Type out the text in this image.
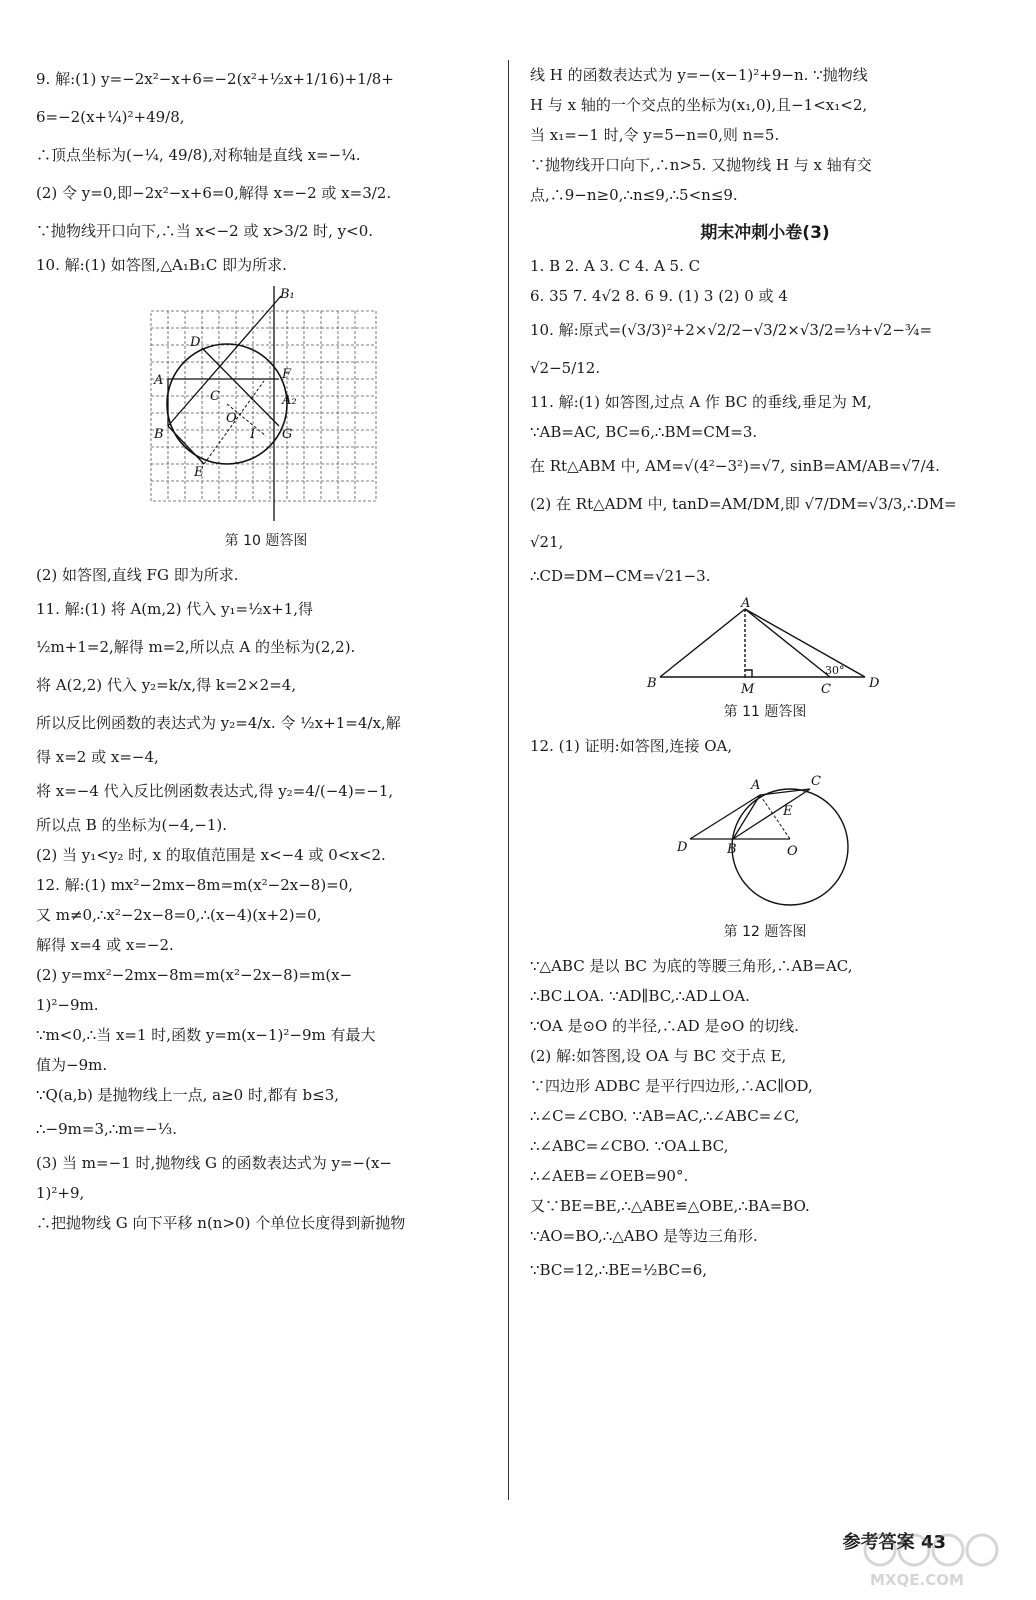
9. 解:(1) y=−2x²−x+6=−2(x²+½x+1/16)+1/8+

6=−2(x+¼)²+49/8,

∴顶点坐标为(−¼, 49/8),对称轴是直线 x=−¼.

(2) 令 y=0,即−2x²−x+6=0,解得 x=−2 或 x=3/2.

∵抛物线开口向下,∴当 x<−2 或 x>3/2 时, y<0.

10. 解:(1) 如答图,△A₁B₁C 即为所求.

B₁
D
F
A
C	A₂
O
B	I G
E

第 10 题答图

(2) 如答图,直线 FG 即为所求.

11. 解:(1) 将 A(m,2) 代入 y₁=½x+1,得

½m+1=2,解得 m=2,所以点 A 的坐标为(2,2).

将 A(2,2) 代入 y₂=k/x,得 k=2×2=4,

所以反比例函数的表达式为 y₂=4/x. 令 ½x+1=4/x,解

得 x=2 或 x=−4,

将 x=−4 代入反比例函数表达式,得 y₂=4/(−4)=−1,

所以点 B 的坐标为(−4,−1).

(2) 当 y₁<y₂ 时, x 的取值范围是 x<−4 或 0<x<2.

12. 解:(1) mx²−2mx−8m=m(x²−2x−8)=0,

又 m≠0,∴x²−2x−8=0,∴(x−4)(x+2)=0,

解得 x=4 或 x=−2.

(2) y=mx²−2mx−8m=m(x²−2x−8)=m(x−

1)²−9m.

∵m<0,∴当 x=1 时,函数 y=m(x−1)²−9m 有最大

值为−9m.

∵Q(a,b) 是抛物线上一点, a≥0 时,都有 b≤3,

∴−9m=3,∴m=−⅓.

(3) 当 m=−1 时,抛物线 G 的函数表达式为 y=−(x−

1)²+9,

∴把抛物线 G 向下平移 n(n>0) 个单位长度得到新抛物

线 H 的函数表达式为 y=−(x−1)²+9−n. ∵抛物线

H 与 x 轴的一个交点的坐标为(x₁,0),且−1<x₁<2,

当 x₁=−1 时,令 y=5−n=0,则 n=5.

∵抛物线开口向下,∴n>5. 又抛物线 H 与 x 轴有交

点,∴9−n≥0,∴n≤9,∴5<n≤9.

期末冲刺小卷(3)

1. B 2. A 3. C 4. A 5. C

6. 35 7. 4√2 8. 6 9. (1) 3 (2) 0 或 4

10. 解:原式=(√3/3)²+2×√2/2−√3/2×√3/2=⅓+√2−¾=

√2−5/12.

11. 解:(1) 如答图,过点 A 作 BC 的垂线,垂足为 M,

∵AB=AC, BC=6,∴BM=CM=3.

在 Rt△ABM 中, AM=√(4²−3²)=√7, sinB=AM/AB=√7/4.

(2) 在 Rt△ADM 中, tanD=AM/DM,即 √7/DM=√3/3,∴DM=

√21,

∴CD=DM−CM=√21−3.

A
B	M	C
30°
D

第 11 题答图

12. (1) 证明:如答图,连接 OA,

A	C
E
D	B	O

第 12 题答图

∵△ABC 是以 BC 为底的等腰三角形,∴AB=AC,

∴BC⊥OA. ∵AD∥BC,∴AD⊥OA.

∵OA 是⊙O 的半径,∴AD 是⊙O 的切线.

(2) 解:如答图,设 OA 与 BC 交于点 E,

∵四边形 ADBC 是平行四边形,∴AC∥OD,

∴∠C=∠CBO. ∵AB=AC,∴∠ABC=∠C,

∴∠ABC=∠CBO. ∵OA⊥BC,

∴∠AEB=∠OEB=90°.

又∵BE=BE,∴△ABE≌△OBE,∴BA=BO.

∵AO=BO,∴△ABO 是等边三角形.

∵BC=12,∴BE=½BC=6,

参考答案 43
MXQE.COM
